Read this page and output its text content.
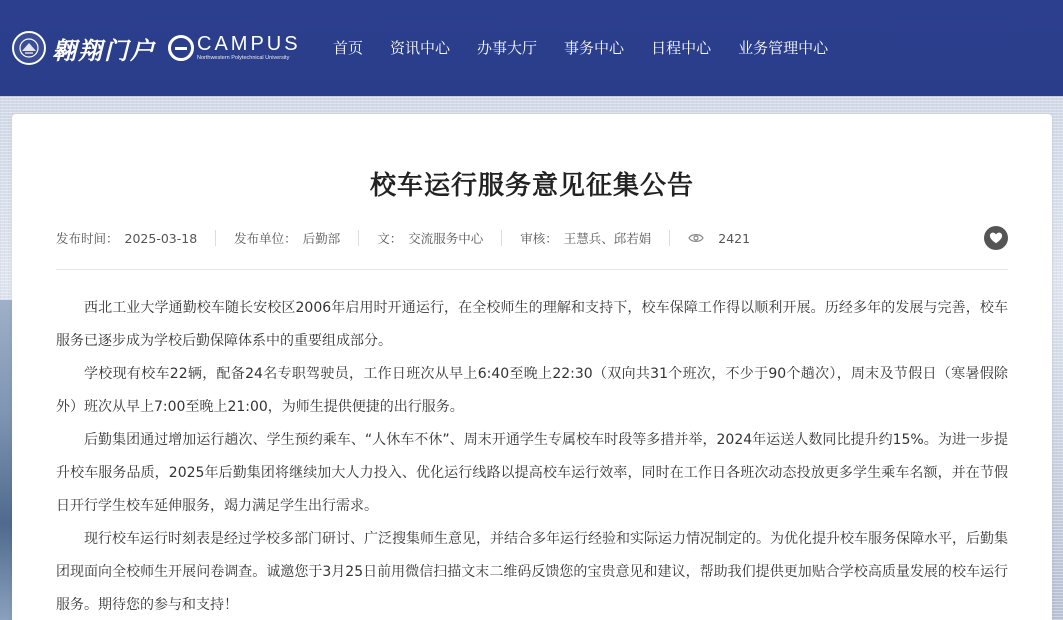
翱翔门户 CAMPUS
Northwestern Polytechnical University
首页 资讯中心 办事大厅 事务中心 日程中心 业务管理中心
校车运行服务意见征集公告
发布时间： 2025-03-18	发布单位： 后勤部	文： 交流服务中心	审核： 王慧兵、邱若娟	2421

西北工业大学通勤校车随长安校区2006年启用时开通运行，在全校师生的理解和支持下，校车保障工作得以顺利开展。历经多年的发展与完善，校车服务已逐步成为学校后勤保障体系中的重要组成部分。

学校现有校车22辆，配备24名专职驾驶员，工作日班次从早上6:40至晚上22:30（双向共31个班次，不少于90个趟次），周末及节假日（寒暑假除外）班次从早上7:00至晚上21:00，为师生提供便捷的出行服务。

后勤集团通过增加运行趟次、学生预约乘车、“人休车不休”、周末开通学生专属校车时段等多措并举，2024年运送人数同比提升约15%。为进一步提升校车服务品质，2025年后勤集团将继续加大人力投入、优化运行线路以提高校车运行效率，同时在工作日各班次动态投放更多学生乘车名额，并在节假日开行学生校车延伸服务，竭力满足学生出行需求。

现行校车运行时刻表是经过学校多部门研讨、广泛搜集师生意见，并结合多年运行经验和实际运力情况制定的。为优化提升校车服务保障水平，后勤集团现面向全校师生开展问卷调查。诚邀您于3月25日前用微信扫描文末二维码反馈您的宝贵意见和建议，帮助我们提供更加贴合学校高质量发展的校车运行服务。期待您的参与和支持！
